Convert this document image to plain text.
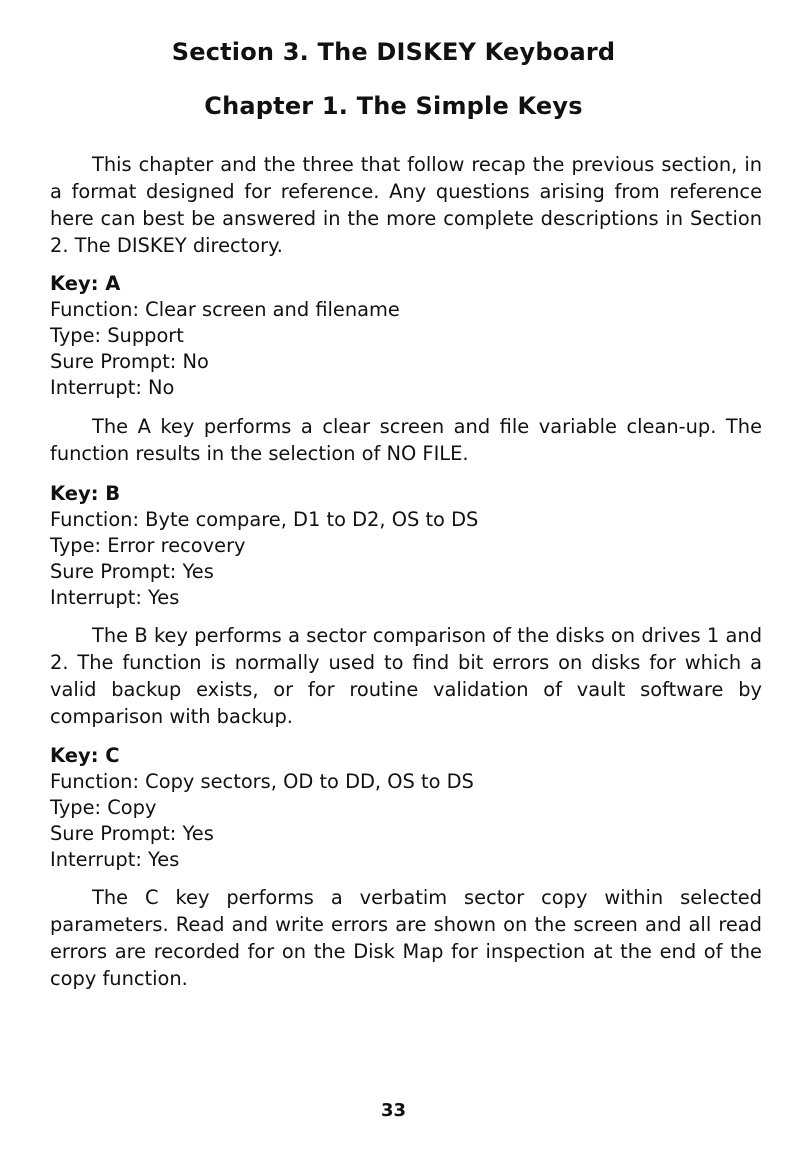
Section 3. The DISKEY Keyboard
Chapter 1. The Simple Keys

This chapter and the three that follow recap the previous section, in a format designed for reference. Any questions arising from reference here can best be answered in the more complete descriptions in Section 2. The DISKEY directory.

Key: A
Function: Clear screen and filename
Type: Support
Sure Prompt: No
Interrupt: No

The A key performs a clear screen and file variable clean-up. The function results in the selection of NO FILE.

Key: B
Function: Byte compare, D1 to D2, OS to DS
Type: Error recovery
Sure Prompt: Yes
Interrupt: Yes

The B key performs a sector comparison of the disks on drives 1 and 2. The function is normally used to find bit errors on disks for which a valid backup exists, or for routine validation of vault software by comparison with backup.

Key: C
Function: Copy sectors, OD to DD, OS to DS
Type: Copy
Sure Prompt: Yes
Interrupt: Yes

The C key performs a verbatim sector copy within selected parameters. Read and write errors are shown on the screen and all read errors are recorded for on the Disk Map for inspection at the end of the copy function.

33
